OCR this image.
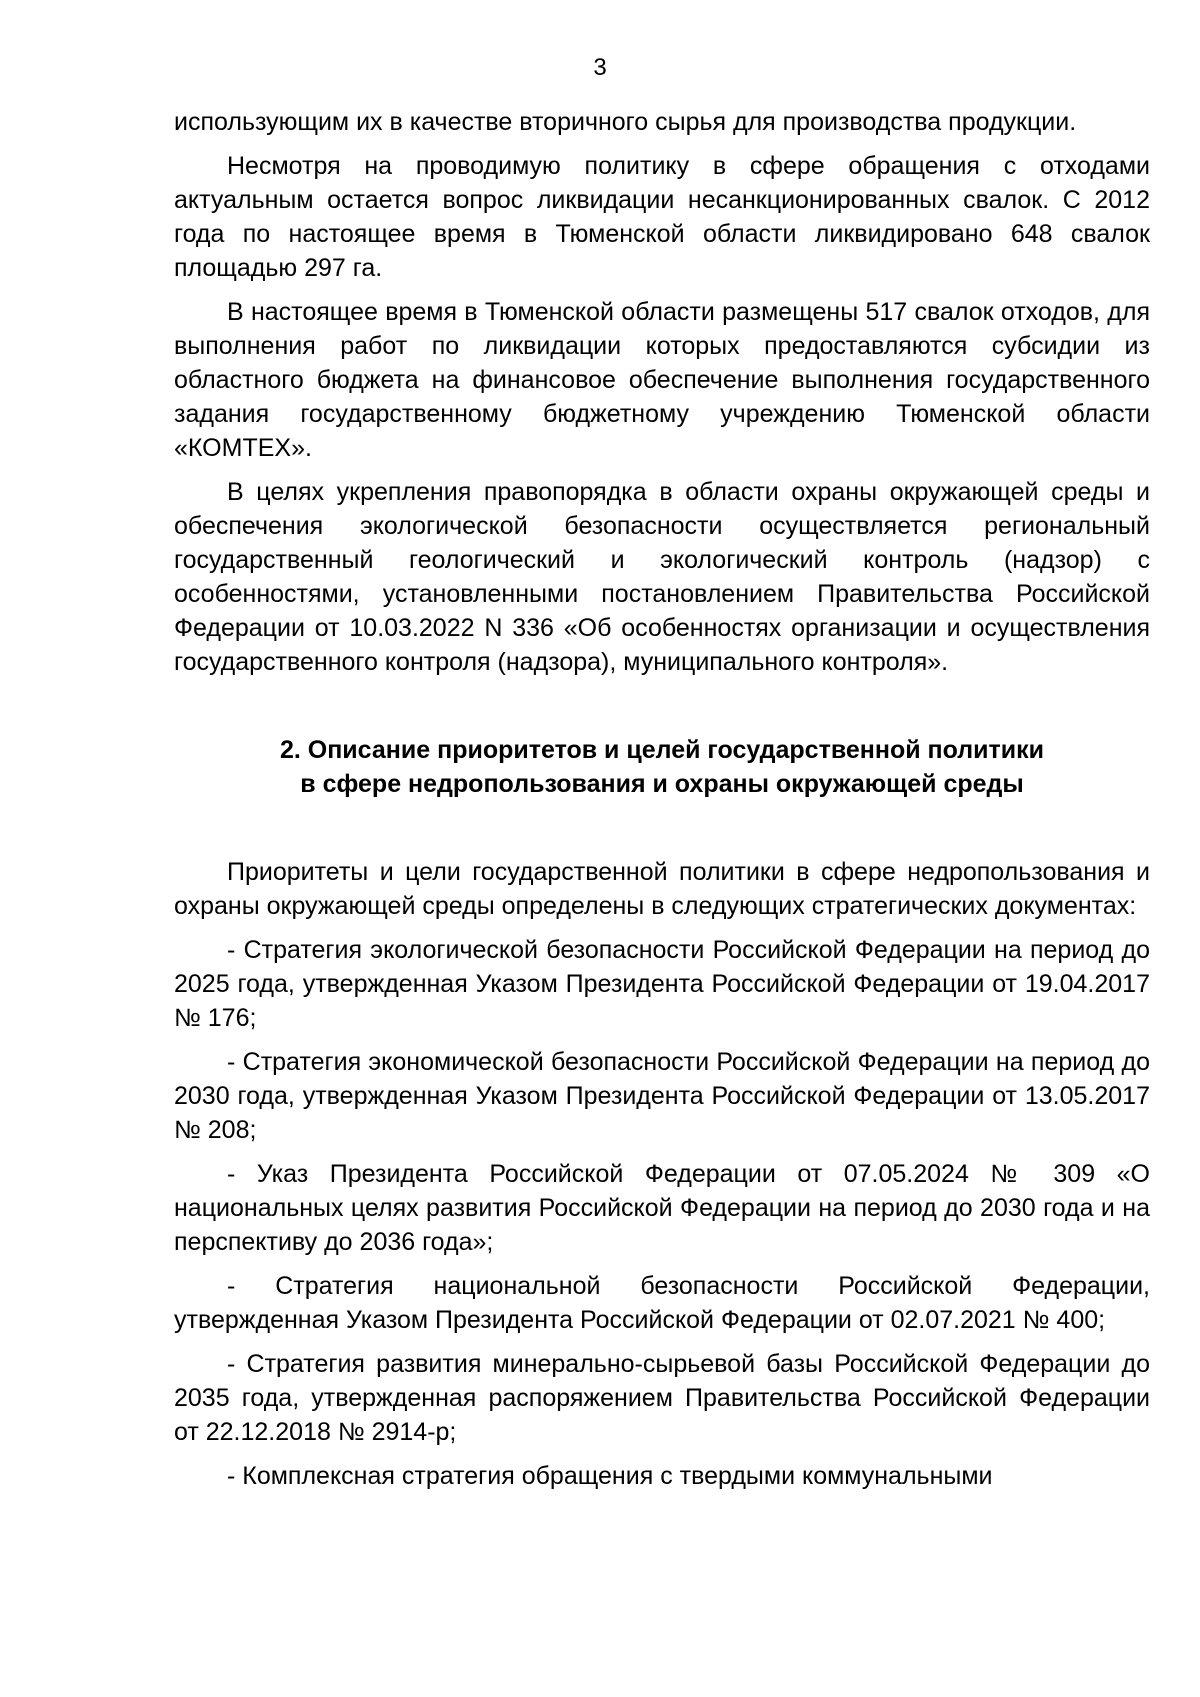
3

использующим их в качестве вторичного сырья для производства продукции.

Несмотря на проводимую политику в сфере обращения с отходами актуальным остается вопрос ликвидации несанкционированных свалок. С 2012 года по настоящее время в Тюменской области ликвидировано 648 свалок площадью 297 га.

В настоящее время в Тюменской области размещены 517 свалок отходов, для выполнения работ по ликвидации которых предоставляются субсидии из областного бюджета на финансовое обеспечение выполнения государственного задания государственному бюджетному учреждению Тюменской области «КОМТЕХ».

В целях укрепления правопорядка в области охраны окружающей среды и обеспечения экологической безопасности осуществляется региональный государственный геологический и экологический контроль (надзор) с особенностями, установленными постановлением Правительства Российской Федерации от 10.03.2022 N 336 «Об особенностях организации и осуществления государственного контроля (надзора), муниципального контроля».

2. Описание приоритетов и целей государственной политики
в сфере недропользования и охраны окружающей среды

Приоритеты и цели государственной политики в сфере недропользования и охраны окружающей среды определены в следующих стратегических документах:

- Стратегия экологической безопасности Российской Федерации на период до 2025 года, утвержденная Указом Президента Российской Федерации от 19.04.2017 № 176;

- Стратегия экономической безопасности Российской Федерации на период до 2030 года, утвержденная Указом Президента Российской Федерации от 13.05.2017 № 208;

- Указ Президента Российской Федерации от 07.05.2024 № 309 «О национальных целях развития Российской Федерации на период до 2030 года и на перспективу до 2036 года»;

- Стратегия национальной безопасности Российской Федерации, утвержденная Указом Президента Российской Федерации от 02.07.2021 № 400;

- Стратегия развития минерально-сырьевой базы Российской Федерации до 2035 года, утвержденная распоряжением Правительства Российской Федерации от 22.12.2018 № 2914-р;

- Комплексная стратегия обращения с твердыми коммунальными
